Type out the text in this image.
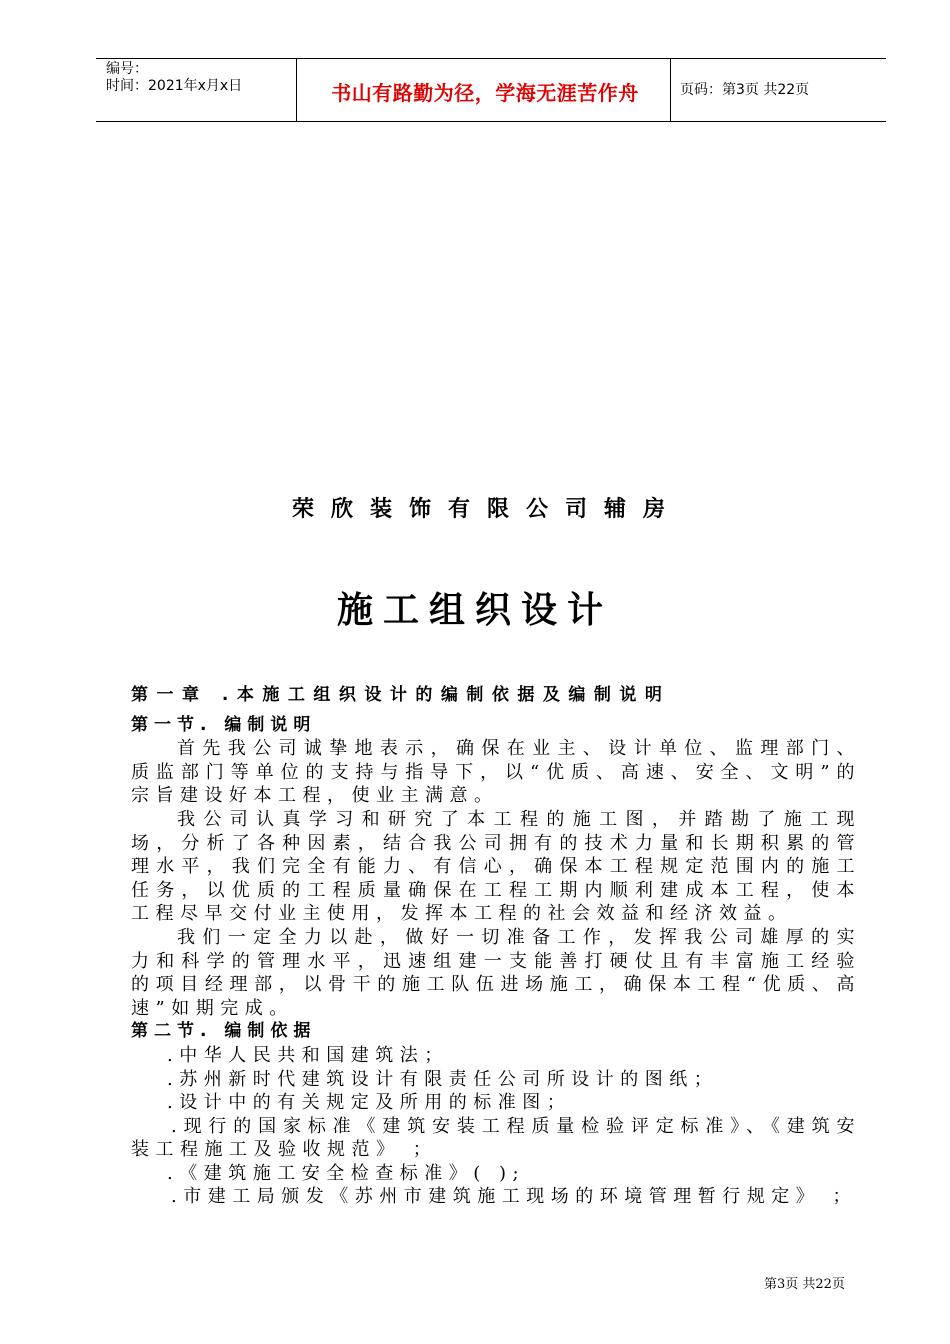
编号：
时间：2021年x月x日	书山有路勤为径，学海无涯苦作舟	页码：第3页 共22页
荣欣装饰有限公司辅房
施工组织设计

第一章 .本施工组织设计的编制依据及编制说明

第一节. 编制说明

首先我公司诚挚地表示，确保在业主、设计单位、监理部门、质监部门等单位的支持与指导下，以“优质、高速、安全、文明”的宗旨建设好本工程，使业主满意。

我公司认真学习和研究了本工程的施工图，并踏勘了施工现场，分析了各种因素，结合我公司拥有的技术力量和长期积累的管理水平，我们完全有能力、有信心，确保本工程规定范围内的施工任务，以优质的工程质量确保在工程工期内顺利建成本工程，使本工程尽早交付业主使用，发挥本工程的社会效益和经济效益。

我们一定全力以赴，做好一切准备工作，发挥我公司雄厚的实力和科学的管理水平，迅速组建一支能善打硬仗且有丰富施工经验的项目经理部，以骨干的施工队伍进场施工，确保本工程“优质、高速”如期完成。

第二节. 编制依据

.中华人民共和国建筑法；

.苏州新时代建筑设计有限责任公司所设计的图纸；

.设计中的有关规定及所用的标准图；

.现行的国家标准《建筑安装工程质量检验评定标准》、《建筑安装工程施工及验收规范》 ；

.《建筑施工安全检查标准》( );

.市建工局颁发《苏州市建筑施工现场的环境管理暂行规定》 ；

第3页 共22页
